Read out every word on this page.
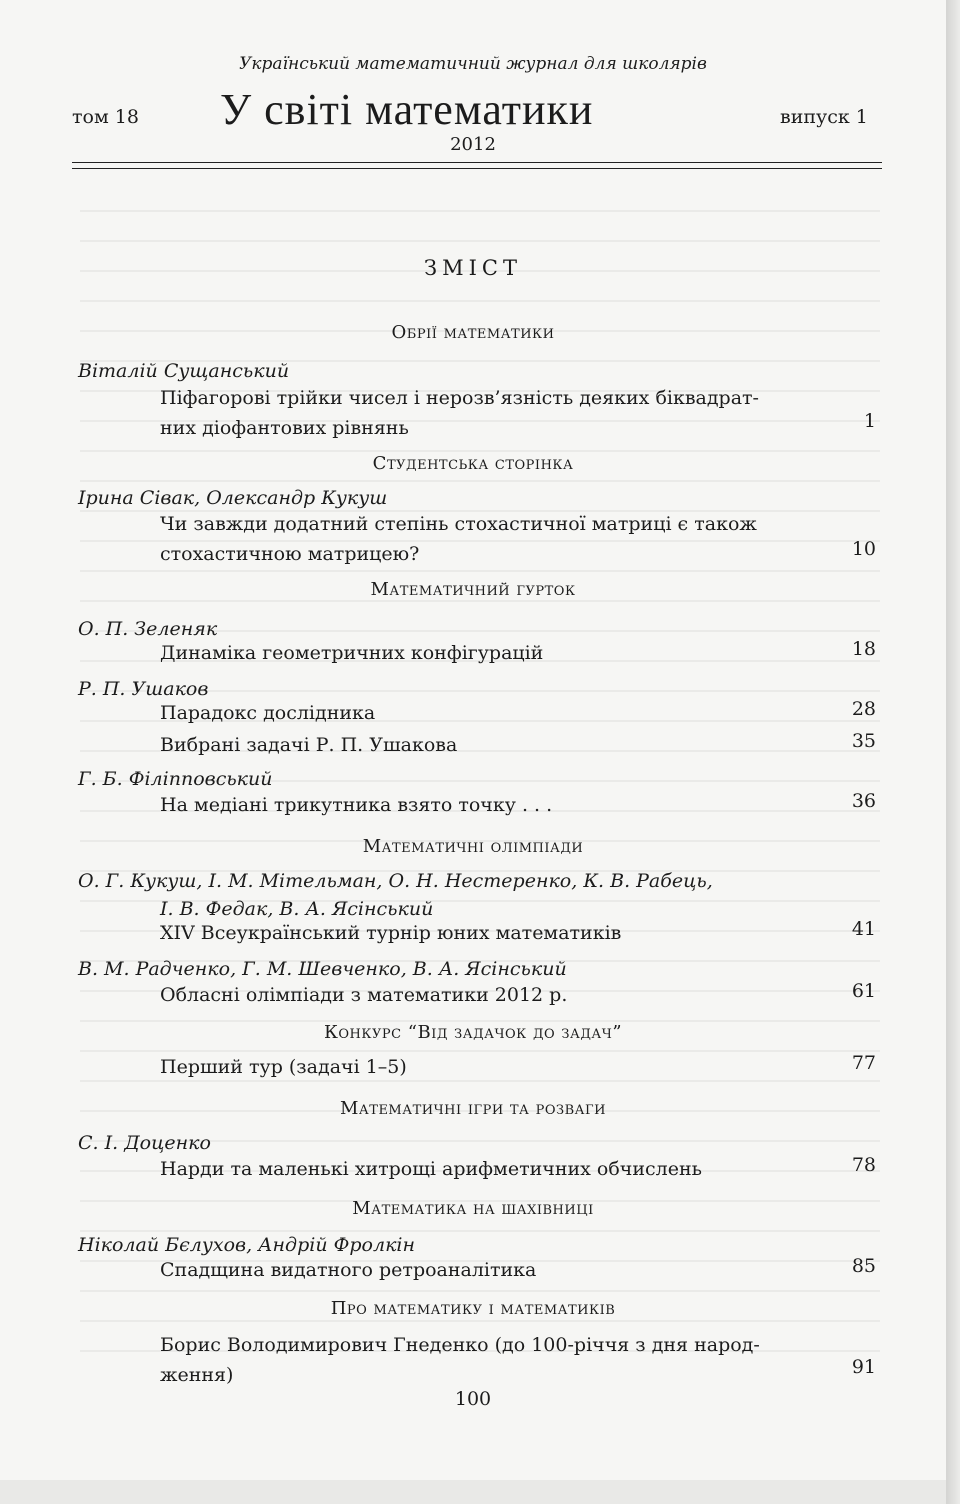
Український математичний журнал для школярів
том 18 У світі математики	випуск 1
2012
ЗМІСТ
Обрії математики
Віталій Сущанський
Піфагорові трійки чисел і нерозв’язність деяких біквадрат-
них діофантових рівнянь	1
Студентська сторінка
Ірина Сівак, Олександр Кукуш
Чи завжди додатний степінь стохастичної матриці є також
стохастичною матрицею?	10
Математичний гурток
О. П. Зеленяк
Динаміка геометричних конфігурацій	18
Р. П. Ушаков
Парадокс дослідника	28
Вибрані задачі Р. П. Ушакова	35
Г. Б. Філіпповський
На медіані трикутника взято точку . . .	36
Математичні олімпіади
О. Г. Кукуш, І. М. Мітельман, О. Н. Нестеренко, К. В. Рабець,
І. В. Федак, В. А. Ясінський
XIV Всеукраїнський турнір юних математиків	41
В. М. Радченко, Г. М. Шевченко, В. А. Ясінський
Обласні олімпіади з математики 2012 р.	61
Конкурс “Від задачок до задач”
Перший тур (задачі 1–5)	77
Математичні ігри та розваги
С. І. Доценко
Нарди та маленькі хитрощі арифметичних обчислень	78
Математика на шахівниці
Ніколай Бєлухов, Андрій Фролкін
Спадщина видатного ретроаналітика	85
Про математику і математиків
Борис Володимирович Гнеденко (до 100-річчя з дня народ-
ження)	91
100
